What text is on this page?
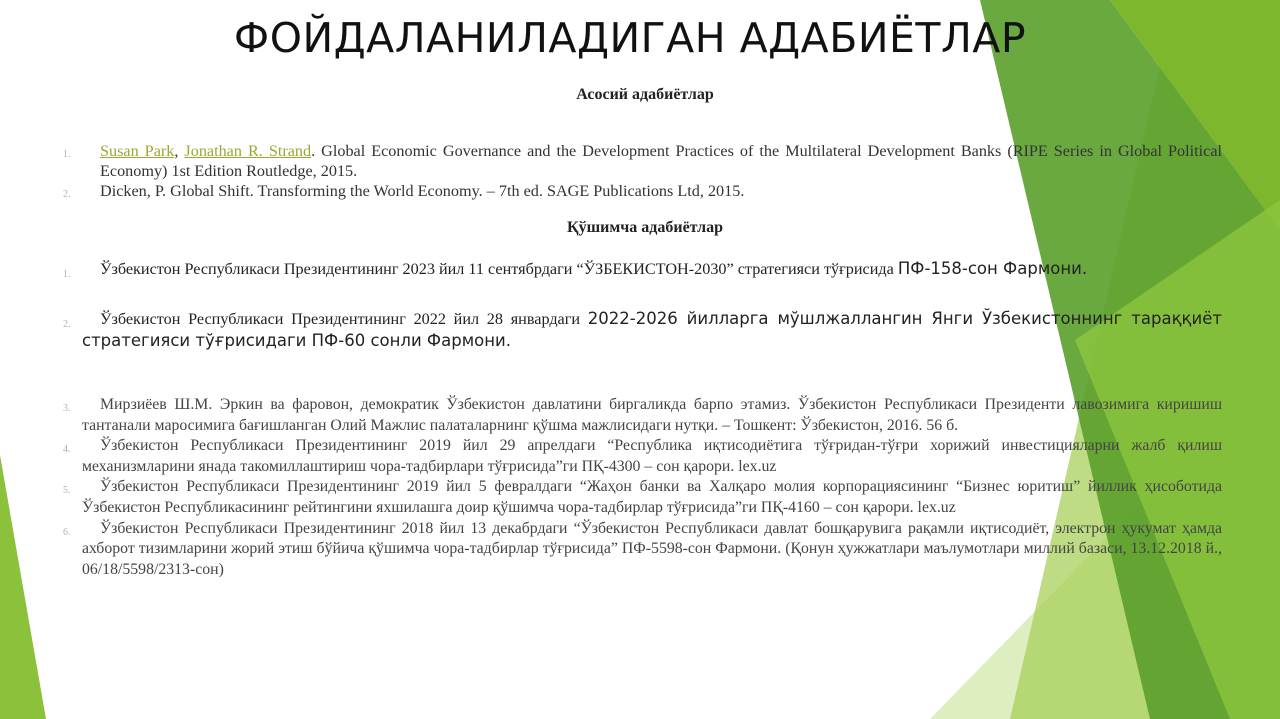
ФОЙДАЛАНИЛАДИГАН АДАБИЁТЛАР
Асосий адабиётлар

1. Susan Park, Jonathan R. Strand. Global Economic Governance and the Development Practices of the Multilateral Development Banks (RIPE Series in Global Political Economy) 1st Edition Routledge, 2015.

2. Dicken, P. Global Shift. Transforming the World Economy. – 7th ed. SAGE Publications Ltd, 2015.

Қўшимча адабиётлар

1. Ўзбекистон Республикаси Президентининг 2023 йил 11 сентябрдаги “ЎЗБЕКИСТОН-2030” стратегияси тўғрисида ПФ-158-сон Фармони.

2. Ўзбекистон Республикаси Президентининг 2022 йил 28 январдаги 2022-2026 йилларга мўшлжаллангин Янги Ўзбекистоннинг тараққиёт стратегияси тўғрисидаги ПФ-60 сонли Фармони.

3. Мирзиёев Ш.М. Эркин ва фаровон, демократик Ўзбекистон давлатини биргаликда барпо этамиз. Ўзбекистон Республикаси Президенти лавозимига киришиш тантанали маросимига бағишланган Олий Мажлис палаталарнинг қўшма мажлисидаги нутқи. – Тошкент: Ўзбекистон, 2016. 56 б.

4. Ўзбекистон Республикаси Президентининг 2019 йил 29 апрелдаги “Республика иқтисодиётига тўғридан-тўғри хорижий инвестицияларни жалб қилиш механизмларини янада такомиллаштириш чора-тадбирлари тўғрисида”ги ПҚ-4300 – сон қарори. lex.uz

5. Ўзбекистон Республикаси Президентининг 2019 йил 5 февралдаги “Жаҳон банки ва Халқаро молия корпорациясининг “Бизнес юритиш” йиллик ҳисоботида Ўзбекистон Республикасининг рейтингини яхшилашга доир қўшимча чора-тадбирлар тўғрисида”ги ПҚ-4160 – сон қарори. lex.uz

6. Ўзбекистон Республикаси Президентининг 2018 йил 13 декабрдаги “Ўзбекистон Республикаси давлат бошқарувига рақамли иқтисодиёт, электрон ҳукумат ҳамда ахборот тизимларини жорий этиш бўйича қўшимча чора-тадбирлар тўғрисида” ПФ-5598-сон Фармони. (Қонун ҳужжатлари маълумотлари миллий базаси, 13.12.2018 й., 06/18/5598/2313-сон)
